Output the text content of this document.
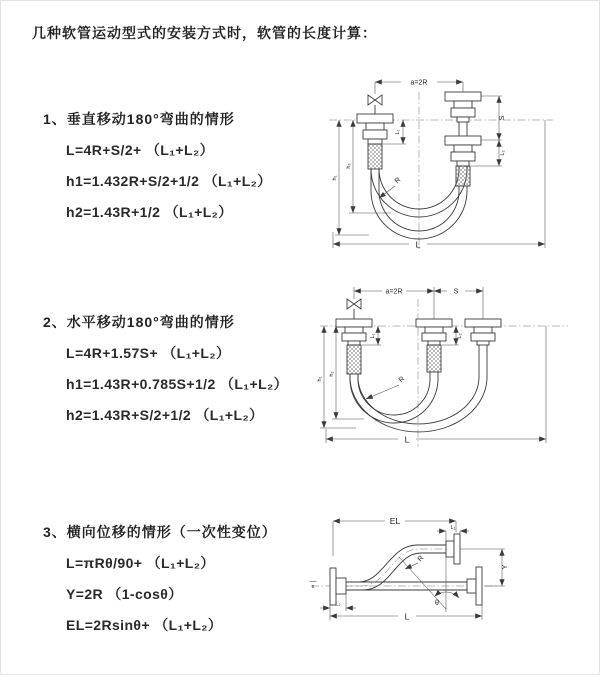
几种软管运动型式的安装方式时，软管的长度计算：
1、垂直移动180°弯曲的情形
L=4R+S/2+ （L₁+L₂）
h1=1.432R+S/2+1/2 （L₁+L₂）
h2=1.43R+1/2 （L₁+L₂）
2、水平移动180°弯曲的情形
L=4R+1.57S+ （L₁+L₂）
h1=1.43R+0.785S+1/2 （L₁+L₂）
h2=1.43R+S/2+1/2 （L₁+L₂）
3、横向位移的情形（一次性变位）
L=πRθ/90+ （L₁+L₂）
Y=2R （1-cosθ）
EL=2Rsinθ+ （L₁+L₂）
a=2R
S
L₁
L₂
h₂
h₁	R
L
a=2R	S
L₁	L₂
h₂
h₁	R
L
EL
L₁
Y
R
θ
L₂
L
x
